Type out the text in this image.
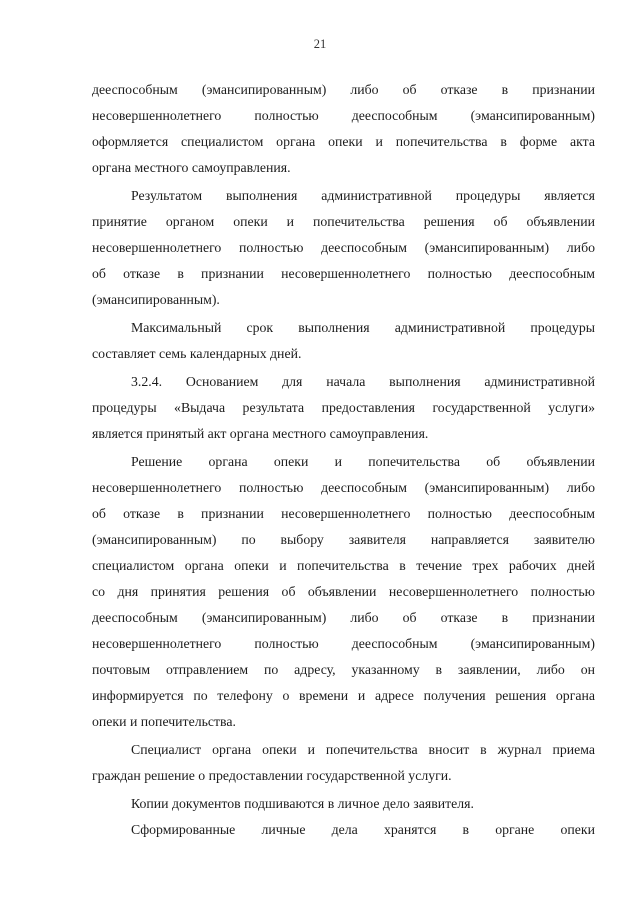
21
дееспособным (эмансипированным) либо об отказе в признании
несовершеннолетнего полностью дееспособным (эмансипированным)
оформляется специалистом органа опеки и попечительства в форме акта
органа местного самоуправления.
Результатом выполнения административной процедуры является
принятие органом опеки и попечительства решения об объявлении
несовершеннолетнего полностью дееспособным (эмансипированным) либо
об отказе в признании несовершеннолетнего полностью дееспособным
(эмансипированным).
Максимальный срок выполнения административной процедуры
составляет семь календарных дней.
3.2.4. Основанием для начала выполнения административной
процедуры «Выдача результата предоставления государственной услуги»
является принятый акт органа местного самоуправления.
Решение органа опеки и попечительства об объявлении
несовершеннолетнего полностью дееспособным (эмансипированным) либо
об отказе в признании несовершеннолетнего полностью дееспособным
(эмансипированным) по выбору заявителя направляется заявителю
специалистом органа опеки и попечительства в течение трех рабочих дней
со дня принятия решения об объявлении несовершеннолетнего полностью
дееспособным (эмансипированным) либо об отказе в признании
несовершеннолетнего полностью дееспособным (эмансипированным)
почтовым отправлением по адресу, указанному в заявлении, либо он
информируется по телефону о времени и адресе получения решения органа
опеки и попечительства.
Специалист органа опеки и попечительства вносит в журнал приема
граждан решение о предоставлении государственной услуги.
Копии документов подшиваются в личное дело заявителя.
Сформированные личные дела хранятся в органе опеки
